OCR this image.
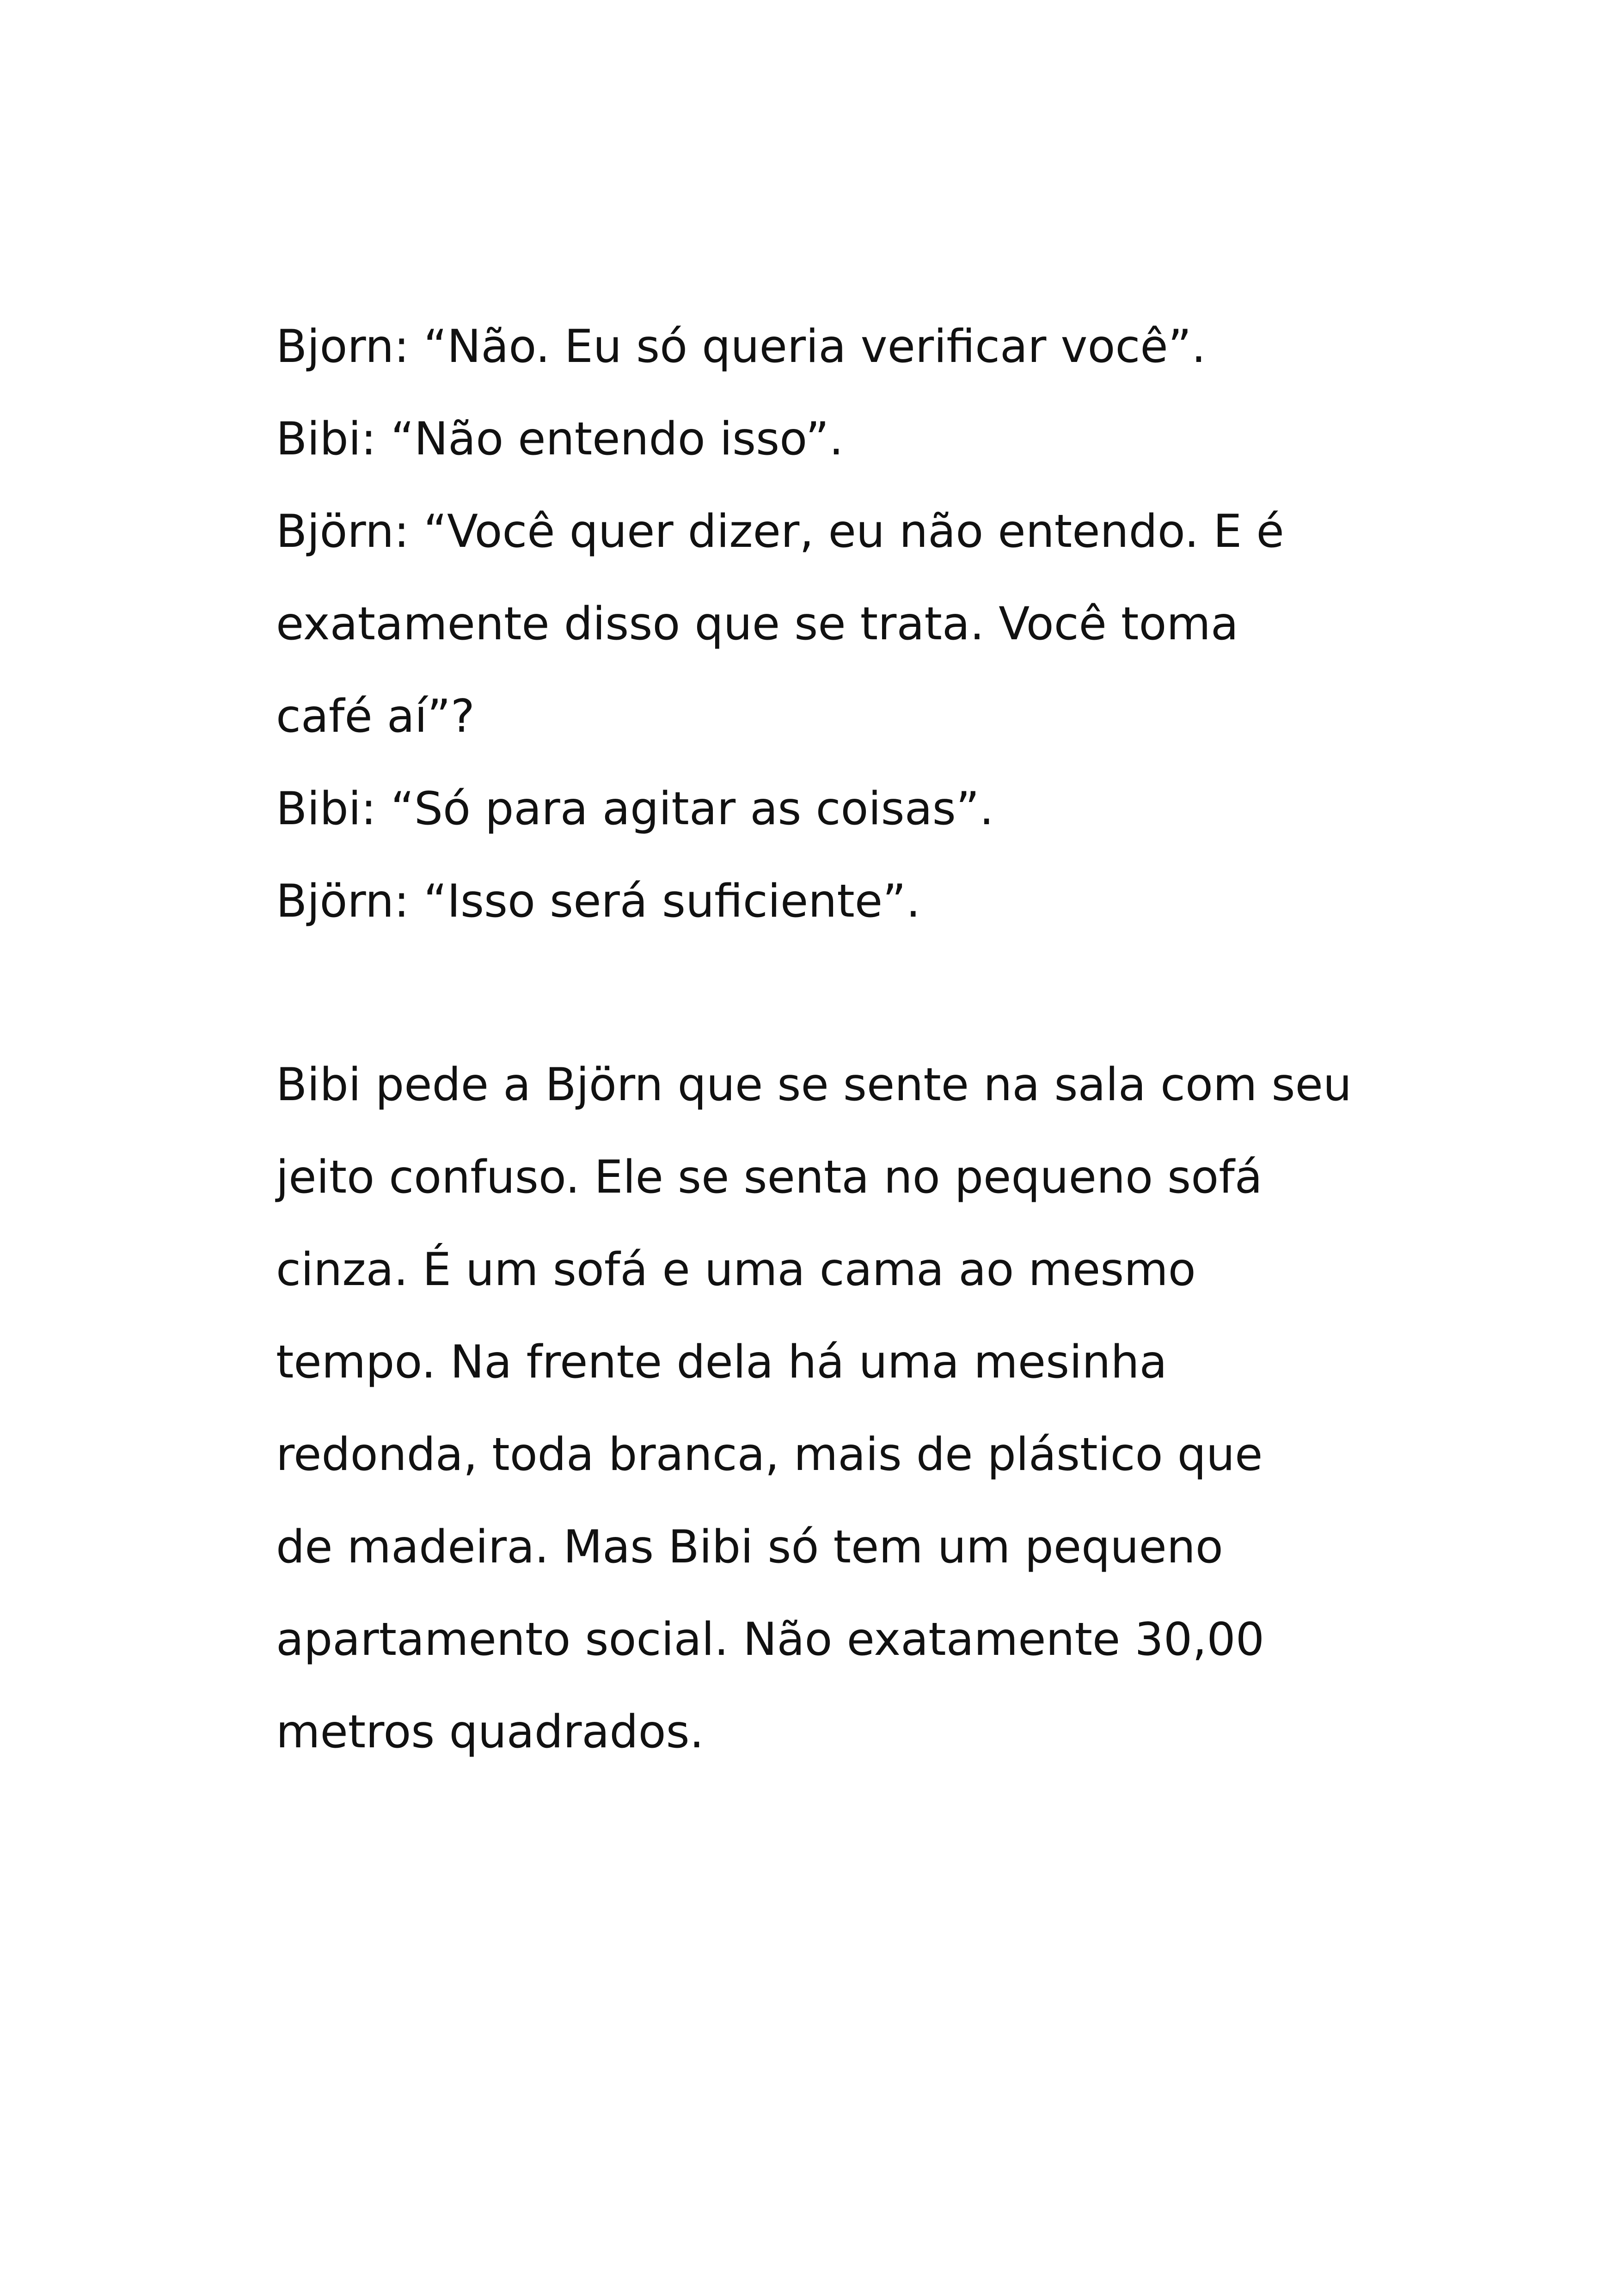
Bjorn: “Não. Eu só queria verificar você”.
Bibi: “Não entendo isso”.
Björn: “Você quer dizer, eu não entendo. E é
exatamente disso que se trata. Você toma
café aí”?
Bibi: “Só para agitar as coisas”.
Björn: “Isso será suficiente”.
Bibi pede a Björn que se sente na sala com seu
jeito confuso. Ele se senta no pequeno sofá
cinza. É um sofá e uma cama ao mesmo
tempo. Na frente dela há uma mesinha
redonda, toda branca, mais de plástico que
de madeira. Mas Bibi só tem um pequeno
apartamento social. Não exatamente 30,00
metros quadrados.
